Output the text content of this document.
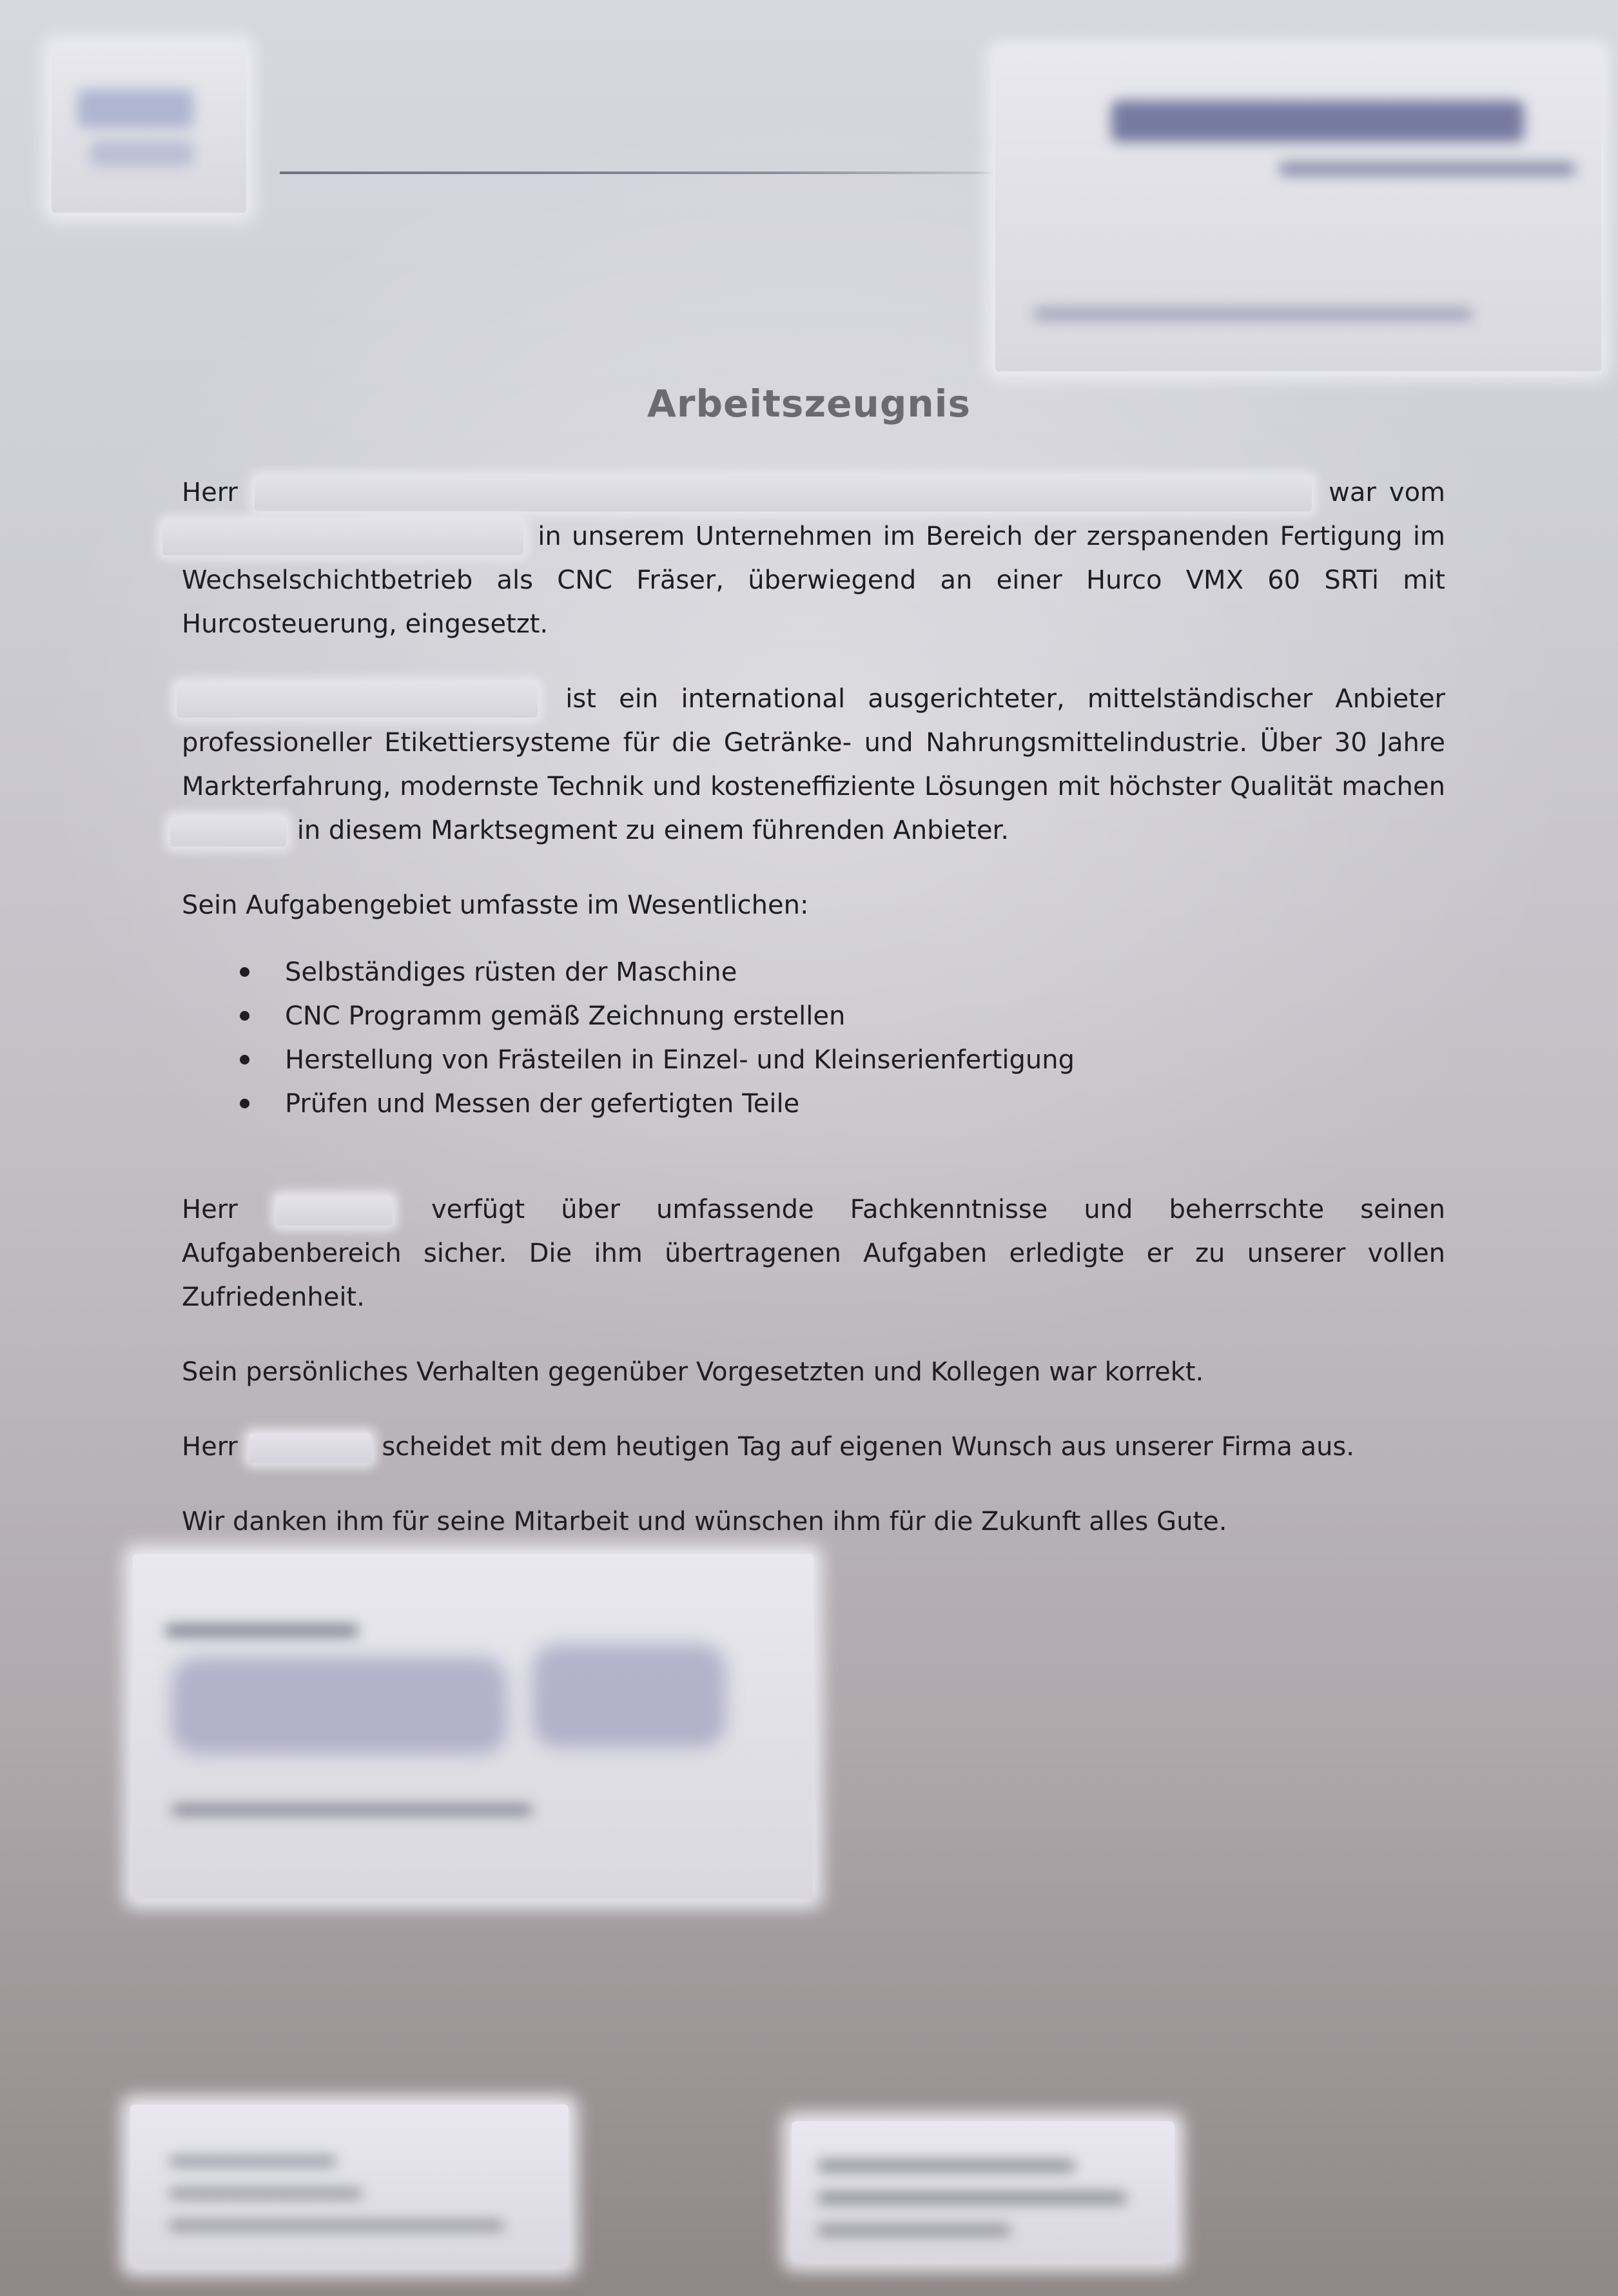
Arbeitszeugnis

Herr	war vom  in unserem Unternehmen im Bereich der zerspanenden Fertigung im Wechselschichtbetrieb als CNC Fräser, überwiegend an einer Hurco VMX 60 SRTi mit Hurcosteuerung, eingesetzt.

ist ein international ausgerichteter, mittelständischer Anbieter professioneller Etikettiersysteme für die Getränke- und Nahrungsmittelindustrie. Über 30 Jahre Markterfahrung, modernste Technik und kosteneffiziente Lösungen mit höchster Qualität machen  in diesem Marktsegment zu einem führenden Anbieter.

Sein Aufgabengebiet umfasste im Wesentlichen:

Selbständiges rüsten der Maschine
CNC Programm gemäß Zeichnung erstellen
Herstellung von Frästeilen in Einzel- und Kleinserienfertigung
Prüfen und Messen der gefertigten Teile

Herr	verfügt über umfassende Fachkenntnisse und beherrschte seinen Aufgabenbereich sicher. Die ihm übertragenen Aufgaben erledigte er zu unserer vollen Zufriedenheit.

Sein persönliches Verhalten gegenüber Vorgesetzten und Kollegen war korrekt.

Herr	scheidet mit dem heutigen Tag auf eigenen Wunsch aus unserer Firma aus.

Wir danken ihm für seine Mitarbeit und wünschen ihm für die Zukunft alles Gute.
